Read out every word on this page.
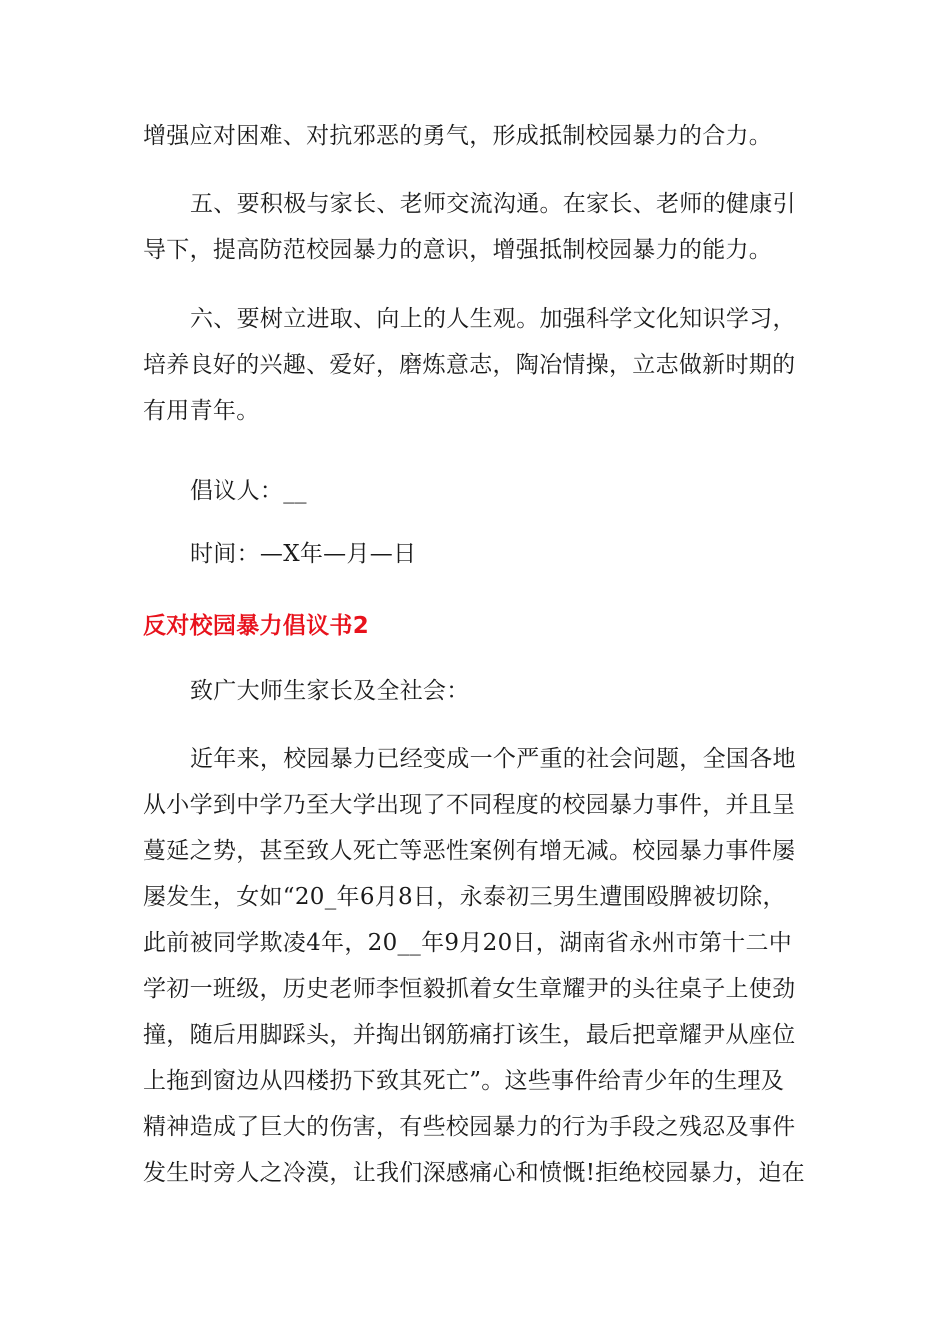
增强应对困难、对抗邪恶的勇气，形成抵制校园暴力的合力。

五、要积极与家长、老师交流沟通。在家长、老师的健康引
导下，提高防范校园暴力的意识，增强抵制校园暴力的能力。

六、要树立进取、向上的人生观。加强科学文化知识学习，
培养良好的兴趣、爱好，磨炼意志，陶冶情操，立志做新时期的
有用青年。

倡议人：__

时间：—X年—月—日

反对校园暴力倡议书2

致广大师生家长及全社会：

近年来，校园暴力已经变成一个严重的社会问题，全国各地
从小学到中学乃至大学出现了不同程度的校园暴力事件，并且呈
蔓延之势，甚至致人死亡等恶性案例有增无减。校园暴力事件屡
屡发生，女如“20_年6月8日，永泰初三男生遭围殴脾被切除，
此前被同学欺凌4年，20__年9月20日，湖南省永州市第十二中
学初一班级，历史老师李恒毅抓着女生章耀尹的头往桌子上使劲
撞，随后用脚踩头，并掏出钢筋痛打该生，最后把章耀尹从座位
上拖到窗边从四楼扔下致其死亡”。这些事件给青少年的生理及
精神造成了巨大的伤害，有些校园暴力的行为手段之残忍及事件
发生时旁人之冷漠，让我们深感痛心和愤慨!拒绝校园暴力，迫在
